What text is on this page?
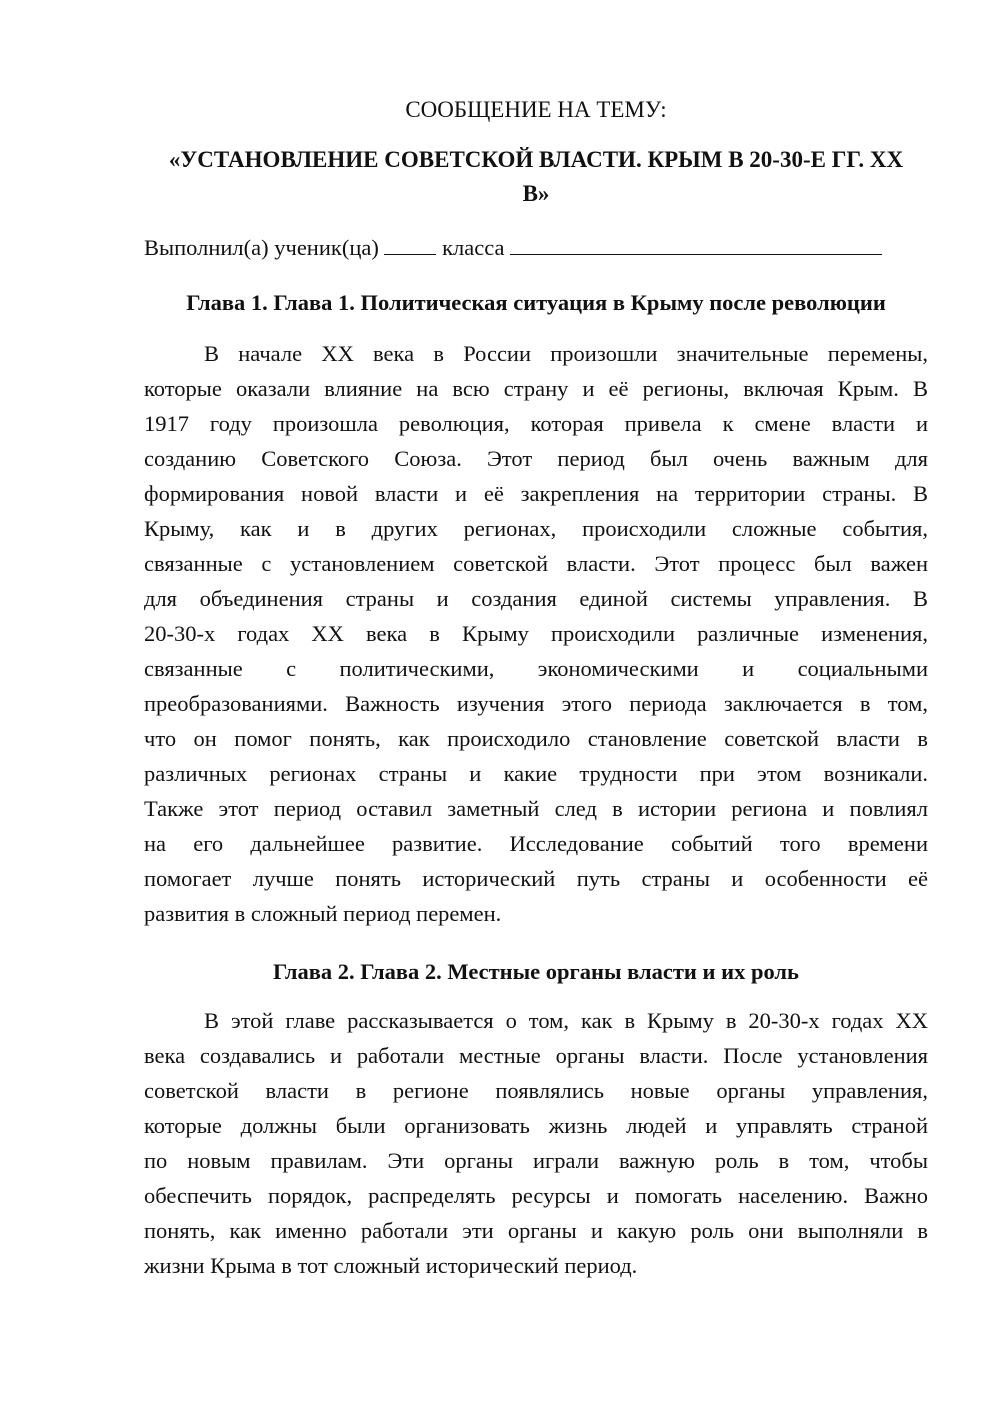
СООБЩЕНИЕ НА ТЕМУ:
«УСТАНОВЛЕНИЕ СОВЕТСКОЙ ВЛАСТИ. КРЫМ В 20-30-Е ГГ. XX
В»
Выполнил(а) ученик(ца)	класса
Глава 1. Глава 1. Политическая ситуация в Крыму после революции
В начале XX века в России произошли значительные перемены,
которые оказали влияние на всю страну и её регионы, включая Крым. В
1917 году произошла революция, которая привела к смене власти и
созданию Советского Союза. Этот период был очень важным для
формирования новой власти и её закрепления на территории страны. В
Крыму, как и в других регионах, происходили сложные события,
связанные с установлением советской власти. Этот процесс был важен
для объединения страны и создания единой системы управления. В
20-30-х годах XX века в Крыму происходили различные изменения,
связанные с политическими, экономическими и социальными
преобразованиями. Важность изучения этого периода заключается в том,
что он помог понять, как происходило становление советской власти в
различных регионах страны и какие трудности при этом возникали.
Также этот период оставил заметный след в истории региона и повлиял
на его дальнейшее развитие. Исследование событий того времени
помогает лучше понять исторический путь страны и особенности её
развития в сложный период перемен.
Глава 2. Глава 2. Местные органы власти и их роль
В этой главе рассказывается о том, как в Крыму в 20-30-х годах XX
века создавались и работали местные органы власти. После установления
советской власти в регионе появлялись новые органы управления,
которые должны были организовать жизнь людей и управлять страной
по новым правилам. Эти органы играли важную роль в том, чтобы
обеспечить порядок, распределять ресурсы и помогать населению. Важно
понять, как именно работали эти органы и какую роль они выполняли в
жизни Крыма в тот сложный исторический период.
